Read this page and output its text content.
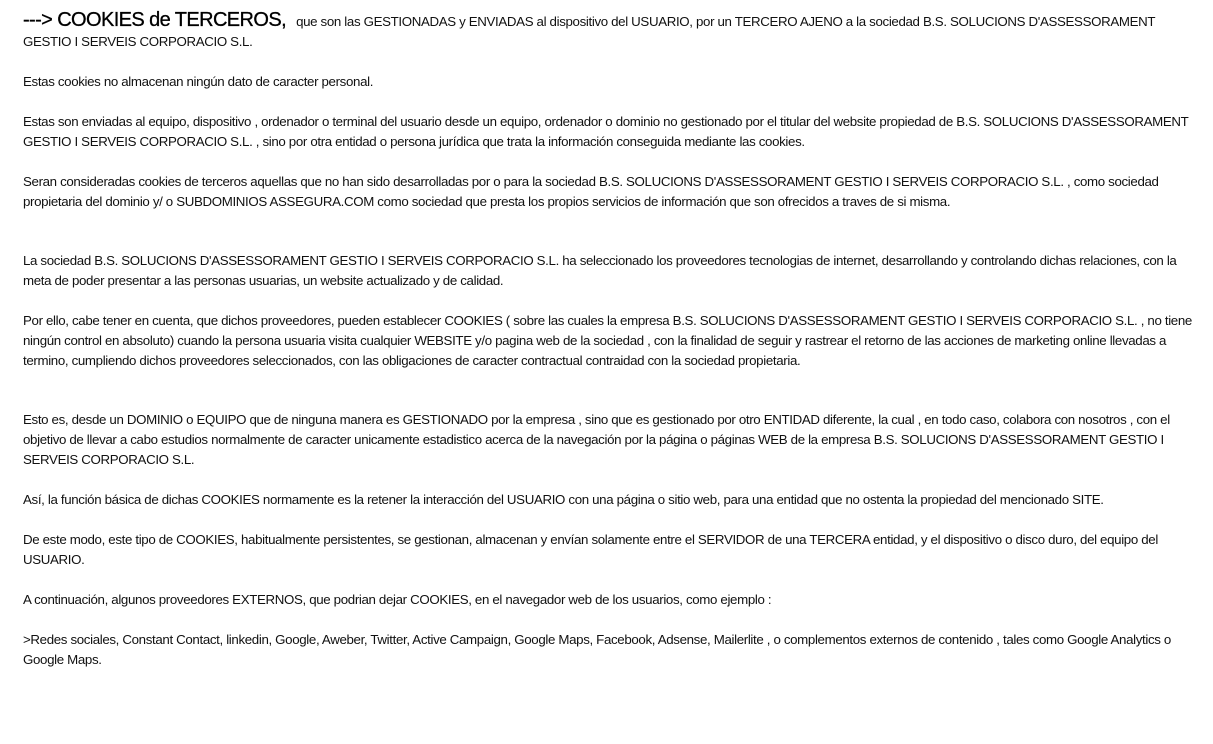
---> COOKIES de TERCEROS, que son las GESTIONADAS y ENVIADAS al dispositivo del USUARIO, por un TERCERO AJENO a la sociedad B.S. SOLUCIONS D'ASSESSORAMENT GESTIO I SERVEIS CORPORACIO S.L.

Estas cookies no almacenan ningún dato de caracter personal.

Estas son enviadas al equipo, dispositivo , ordenador o terminal del usuario desde un equipo, ordenador o dominio no gestionado por el titular del website propiedad de B.S. SOLUCIONS D'ASSESSORAMENT GESTIO I SERVEIS CORPORACIO S.L. , sino por otra entidad o persona jurídica que trata la información conseguida mediante las cookies.

Seran consideradas cookies de terceros aquellas que no han sido desarrolladas por o para la sociedad B.S. SOLUCIONS D'ASSESSORAMENT GESTIO I SERVEIS CORPORACIO S.L. , como sociedad propietaria del dominio y/ o SUBDOMINIOS ASSEGURA.COM como sociedad que presta los propios servicios de información que son ofrecidos a traves de si misma.

La sociedad B.S. SOLUCIONS D'ASSESSORAMENT GESTIO I SERVEIS CORPORACIO S.L. ha seleccionado los proveedores tecnologias de internet, desarrollando y controlando dichas relaciones, con la meta de poder presentar a las personas usuarias, un website actualizado y de calidad.

Por ello, cabe tener en cuenta, que dichos proveedores, pueden establecer COOKIES ( sobre las cuales la empresa B.S. SOLUCIONS D'ASSESSORAMENT GESTIO I SERVEIS CORPORACIO S.L. , no tiene ningún control en absoluto) cuando la persona usuaria visita cualquier WEBSITE y/o pagina web de la sociedad , con la finalidad de seguir y rastrear el retorno de las acciones de marketing online llevadas a termino, cumpliendo dichos proveedores seleccionados, con las obligaciones de caracter contractual contraidad con la sociedad propietaria.

Esto es, desde un DOMINIO o EQUIPO que de ninguna manera es GESTIONADO por la empresa , sino que es gestionado por otro ENTIDAD diferente, la cual , en todo caso, colabora con nosotros , con el objetivo de llevar a cabo estudios normalmente de caracter unicamente estadistico acerca de la navegación por la página o páginas WEB de la empresa B.S. SOLUCIONS D'ASSESSORAMENT GESTIO I SERVEIS CORPORACIO S.L.

Así, la función básica de dichas COOKIES normamente es la retener la interacción del USUARIO con una página o sitio web, para una entidad que no ostenta la propiedad del mencionado SITE.

De este modo, este tipo de COOKIES, habitualmente persistentes, se gestionan, almacenan y envían solamente entre el SERVIDOR de una TERCERA entidad, y el dispositivo o disco duro, del equipo del USUARIO.

A continuación, algunos proveedores EXTERNOS, que podrian dejar COOKIES, en el navegador web de los usuarios, como ejemplo :

>Redes sociales, Constant Contact, linkedin, Google, Aweber, Twitter, Active Campaign, Google Maps, Facebook, Adsense, Mailerlite , o complementos externos de contenido , tales como Google Analytics o Google Maps.
